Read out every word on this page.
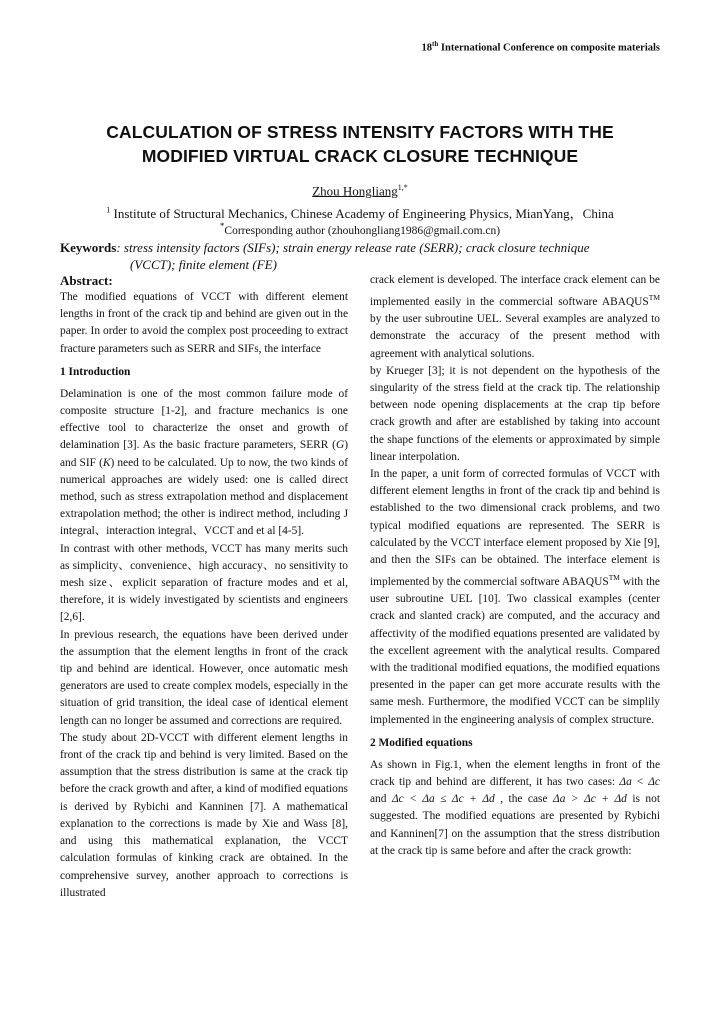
18th International Conference on composite materials
CALCULATION OF STRESS INTENSITY FACTORS WITH THE
MODIFIED VIRTUAL CRACK CLOSURE TECHNIQUE
Zhou Hongliang$^{1,*}$
$^1$ Institute of Structural Mechanics, Chinese Academy of Engineering Physics, MianYang，China
*Corresponding author (zhouhongliang1986@gmail.com.cn)
Keywords: stress intensity factors (SIFs); strain energy release rate (SERR); crack closure technique
(VCCT); finite element (FE)
Abstract:

The modified equations of VCCT with different element lengths in front of the crack tip and behind are given out in the paper. In order to avoid the complex post proceeding to extract fracture parameters such as SERR and SIFs, the interface

1 Introduction

Delamination is one of the most common failure mode of composite structure [1-2], and fracture mechanics is one effective tool to characterize the onset and growth of delamination [3]. As the basic fracture parameters, SERR (G) and SIF (K) need to be calculated. Up to now, the two kinds of numerical approaches are widely used: one is called direct method, such as stress extrapolation method and displacement extrapolation method; the other is indirect method, including J integral、interaction integral、VCCT and et al [4-5].

In contrast with other methods, VCCT has many merits such as simplicity、convenience、high accuracy、no sensitivity to mesh size、explicit separation of fracture modes and et al, therefore, it is widely investigated by scientists and engineers [2,6].

In previous research, the equations have been derived under the assumption that the element lengths in front of the crack tip and behind are identical. However, once automatic mesh generators are used to create complex models, especially in the situation of grid transition, the ideal case of identical element length can no longer be assumed and corrections are required.

The study about 2D-VCCT with different element lengths in front of the crack tip and behind is very limited. Based on the assumption that the stress distribution is same at the crack tip before the crack growth and after, a kind of modified equations is derived by Rybichi and Kanninen [7]. A mathematical explanation to the corrections is made by Xie and Wass [8], and using this mathematical explanation, the VCCT calculation formulas of kinking crack are obtained. In the comprehensive survey, another approach to corrections is illustrated

crack element is developed. The interface crack element can be implemented easily in the commercial software ABAQUS™ by the user subroutine UEL. Several examples are analyzed to demonstrate the accuracy of the present method with agreement with analytical solutions.

by Krueger [3]; it is not dependent on the hypothesis of the singularity of the stress field at the crack tip. The relationship between node opening displacements at the crap tip before crack growth and after are established by taking into account the shape functions of the elements or approximated by simple linear interpolation.

In the paper, a unit form of corrected formulas of VCCT with different element lengths in front of the crack tip and behind is established to the two dimensional crack problems, and two typical modified equations are represented. The SERR is calculated by the VCCT interface element proposed by Xie [9], and then the SIFs can be obtained. The interface element is implemented by the commercial software ABAQUS™ with the user subroutine UEL [10]. Two classical examples (center crack and slanted crack) are computed, and the accuracy and affectivity of the modified equations presented are validated by the excellent agreement with the analytical results. Compared with the traditional modified equations, the modified equations presented in the paper can get more accurate results with the same mesh. Furthermore, the modified VCCT can be simplily implemented in the engineering analysis of complex structure.

2 Modified equations

As shown in Fig.1, when the element lengths in front of the crack tip and behind are different, it has two cases: Δa < Δc and Δc < Δa ≤ Δc + Δd , the case Δa > Δc + Δd is not suggested. The modified equations are presented by Rybichi and Kanninen[7] on the assumption that the stress distribution at the crack tip is same before and after the crack growth:
